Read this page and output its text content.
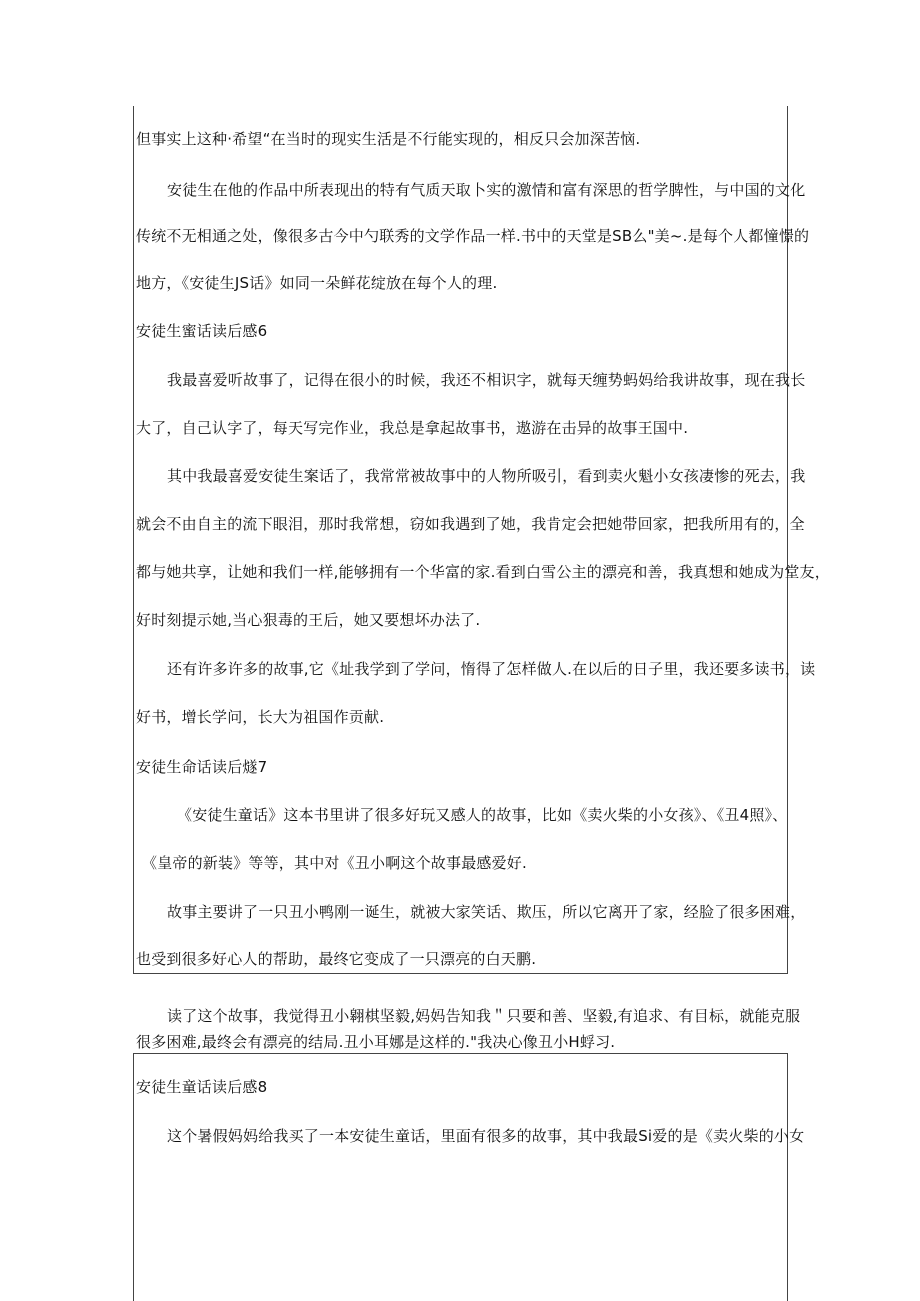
但事实上这种·希望“在当时的现实生活是不行能实现的，相反只会加深苦恼.
安徒生在他的作品中所表现出的特有气质天取卜实的激情和富有深思的哲学脾性，与中国的文化
传统不无相通之处，像很多古今中勺联秀的文学作品一样.书中的天堂是SB么"美~.是每个人都憧憬的
地方，《安徒生JS话》如同一朵鲜花绽放在每个人的理.
安徒生蜜话读后感6
我最喜爱听故事了，记得在很小的时候，我还不相识字，就每天缠势蚂妈给我讲故事，现在我长
大了，自己认字了，每天写完作业，我总是拿起故事书，遨游在击异的故事王国中.
其中我最喜爱安徒生案话了，我常常被故事中的人物所吸引，看到卖火魁小女孩凄惨的死去，我
就会不由自主的流下眼泪，那时我常想，窃如我遇到了她，我肯定会把她带回家，把我所用有的，全
都与她共享，让她和我们一样,能够拥有一个华富的家.看到白雪公主的漂亮和善，我真想和她成为堂友，
好时刻提示她,当心狠毒的王后，她又要想坏办法了.
还有许多许多的故事,它《址我学到了学问，惰得了怎样做人.在以后的日子里，我还要多读书，读
好书，增长学问，长大为祖国作贡献.
安徒生命话读后燧7
《安徒生童话》这本书里讲了很多好玩又感人的故事，比如《卖火柴的小女孩》、《丑4照》、
《皇帝的新装》等等，其中对《丑小啊这个故事最感爱好.
故事主要讲了一只丑小鸭刚一诞生，就被大家笑话、欺压，所以它离开了家，经脸了很多困难，
也受到很多好心人的帮助，最终它变成了一只漂亮的白天鹏.
读了这个故事，我觉得丑小翱棋坚毅,妈妈告知我＂只要和善、坚毅,有追求、有目标，就能克服
很多困难,最终会有漂亮的结局.丑小耳娜是这样的."我决心像丑小H蜉习.
安徒生童话读后感8
这个暑假妈妈给我买了一本安徒生童话，里面有很多的故事，其中我最Si爱的是《卖火柴的小女
